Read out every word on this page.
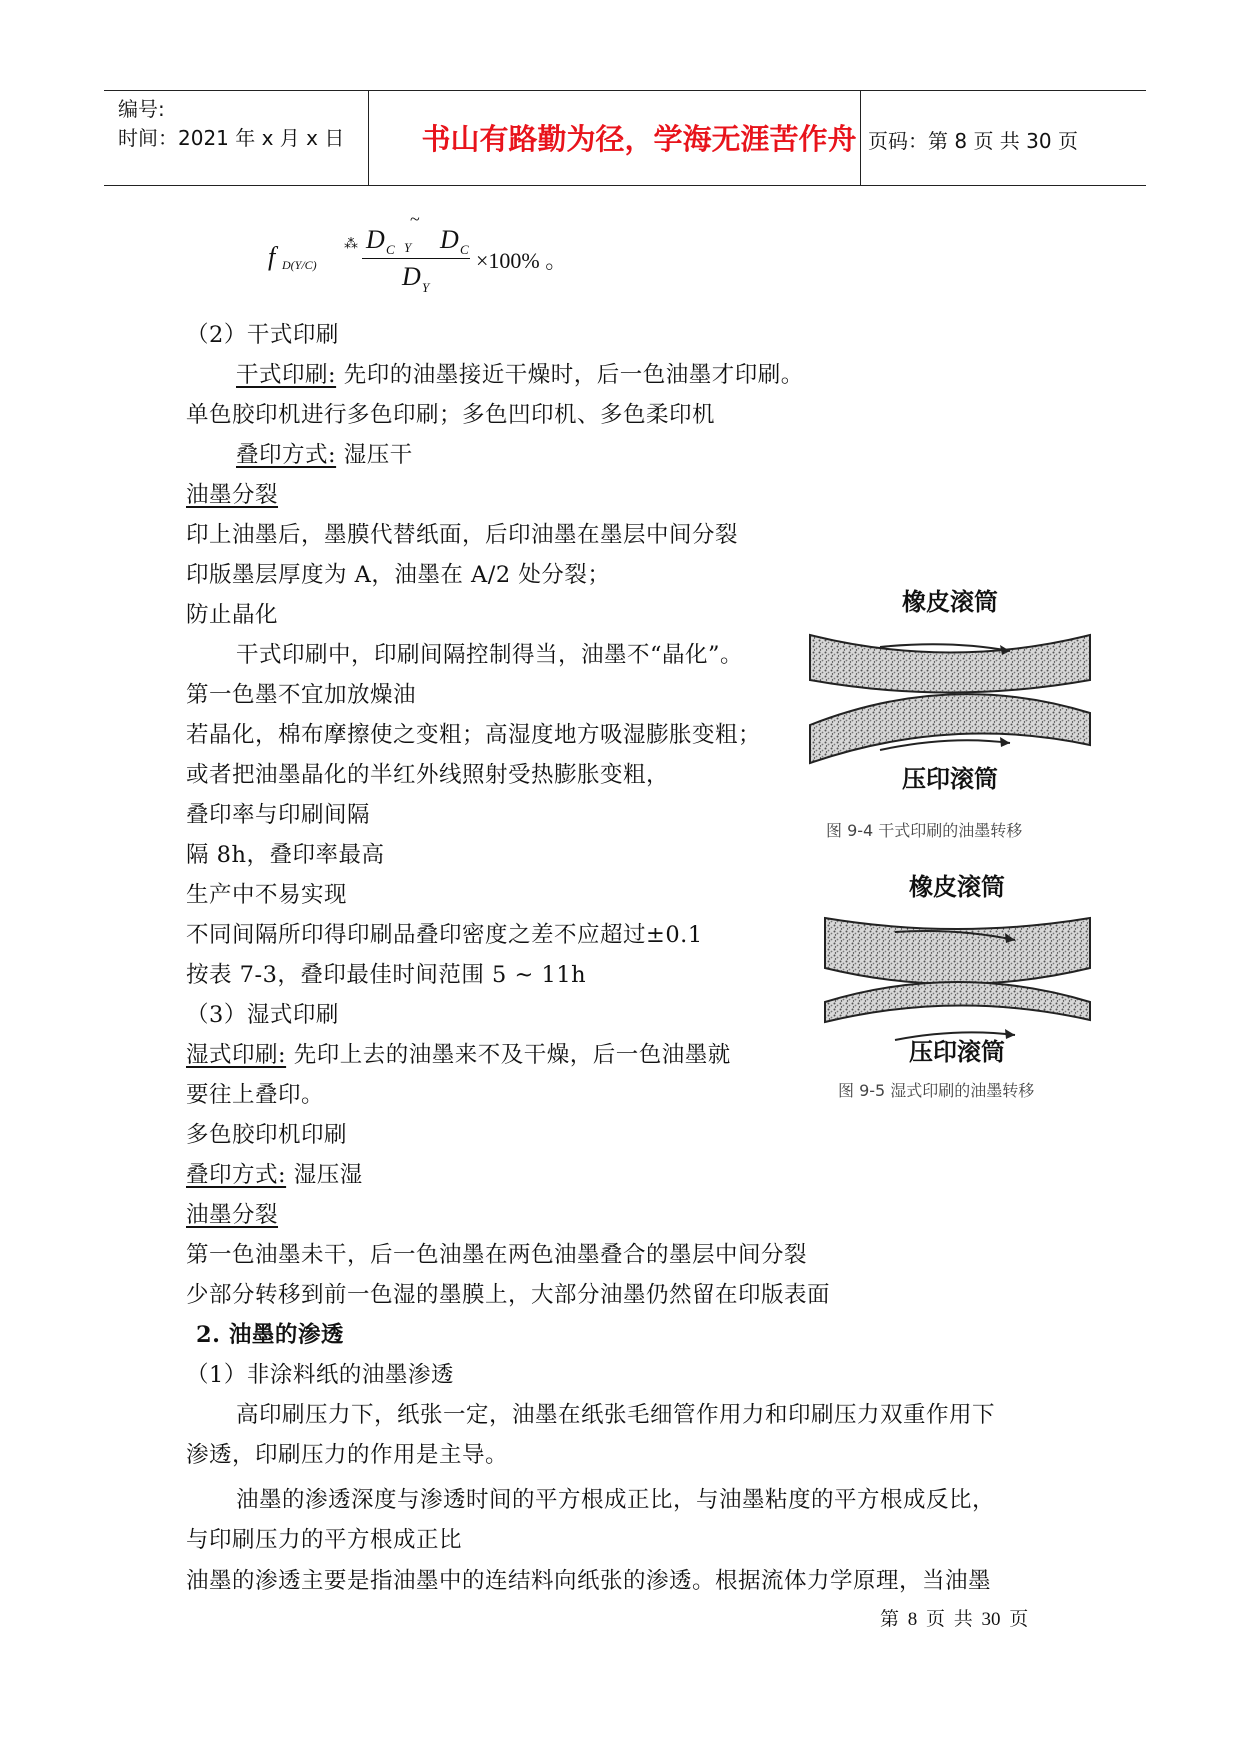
编号:
时间：2021 年 x 月 x 日	书山有路勤为径，学海无涯苦作舟 页码：第 8 页 共 30 页
f D(Y/C)
⁂ D C
~
Y D C
D Y
×100% 。
（2）干式印刷
干式印刷: 先印的油墨接近干燥时，后一色油墨才印刷。
单色胶印机进行多色印刷；多色凹印机、多色柔印机
叠印方式: 湿压干
油墨分裂
印上油墨后，墨膜代替纸面，后印油墨在墨层中间分裂
印版墨层厚度为 A，油墨在 A/2 处分裂；
防止晶化
干式印刷中，印刷间隔控制得当，油墨不“晶化”。
第一色墨不宜加放燥油
若晶化，棉布摩擦使之变粗；高湿度地方吸湿膨胀变粗；
或者把油墨晶化的半红外线照射受热膨胀变粗，
叠印率与印刷间隔
隔 8h，叠印率最高
生产中不易实现
不同间隔所印得印刷品叠印密度之差不应超过±0.1
按表 7-3，叠印最佳时间范围 5 ~ 11h
（3）湿式印刷
湿式印刷: 先印上去的油墨来不及干燥，后一色油墨就
要往上叠印。
多色胶印机印刷
叠印方式: 湿压湿
油墨分裂
第一色油墨未干，后一色油墨在两色油墨叠合的墨层中间分裂
少部分转移到前一色湿的墨膜上，大部分油墨仍然留在印版表面
2. 油墨的渗透
（1）非涂料纸的油墨渗透
高印刷压力下，纸张一定，油墨在纸张毛细管作用力和印刷压力双重作用下
渗透，印刷压力的作用是主导。
油墨的渗透深度与渗透时间的平方根成正比，与油墨粘度的平方根成反比，
与印刷压力的平方根成正比
油墨的渗透主要是指油墨中的连结料向纸张的渗透。根据流体力学原理，当油墨
橡皮滚筒
压印滚筒
图 9-4 干式印刷的油墨转移
橡皮滚筒
压印滚筒
图 9-5 湿式印刷的油墨转移
第 8 页 共 30 页
